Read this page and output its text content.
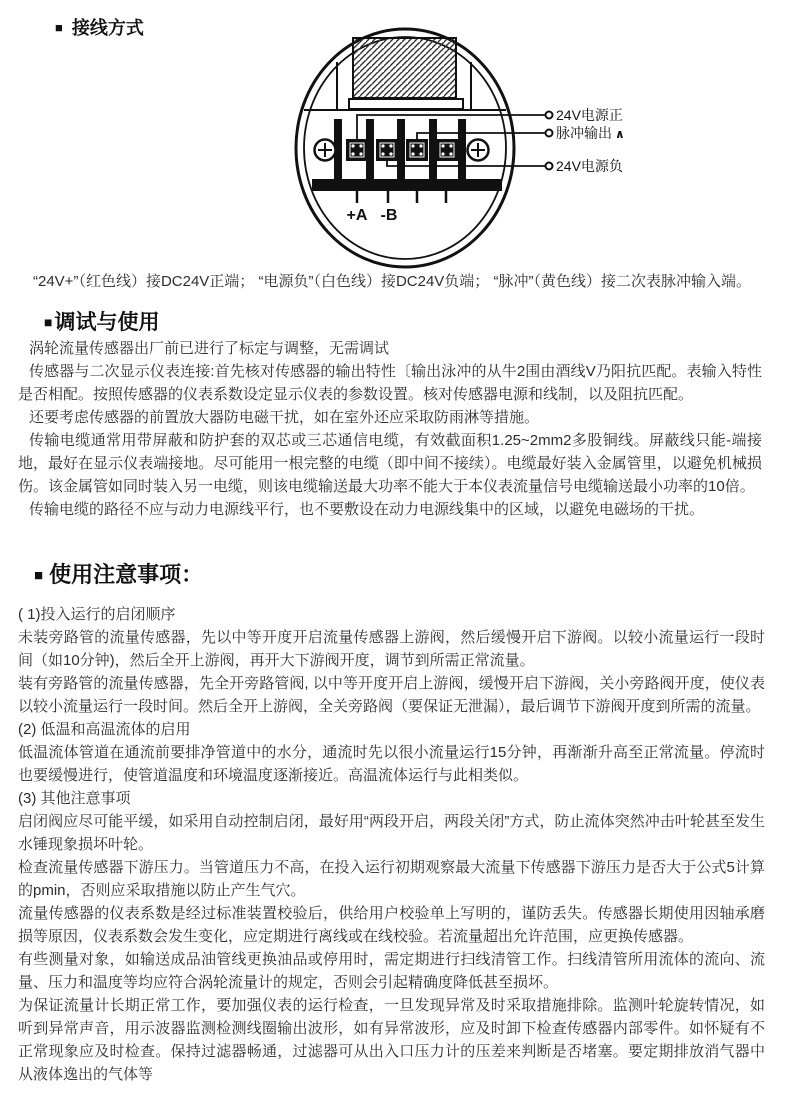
■ 接线方式
+A -B
24V电源正
脉冲输出 ∧
24V电源负
“24V+”（红色线）接DC24V正端； “电源负”（白色线）接DC24V负端； “脉冲”（黄色线）接二次表脉冲输入端。
■调试与使用

涡轮流量传感器出厂前已进行了标定与调整，无需调试

传感器与二次显示仪表连接:首先核对传感器的输出特性〔输出泳冲的从牛2围由酒线V乃阳抗匹配。表输入特性是否相配。按照传感器的仪表系数设定显示仪表的参数设置。核对传感器电源和线制，以及阻抗匹配。

还要考虑传感器的前置放大器防电磁干扰，如在室外还应采取防雨淋等措施。

传输电缆通常用带屏蔽和防护套的双芯或三芯通信电缆，有效截面积1.25~2mm2多股铜线。屏蔽线只能-端接地，最好在显示仪表端接地。尽可能用一根完整的电缆（即中间不接续）。电缆最好装入金属管里，以避免机械损伤。该金属管如同时装入另一电缆，则该电缆输送最大功率不能大于本仪表流量信号电缆输送最小功率的10倍。

传输电缆的路径不应与动力电源线平行，也不要敷设在动力电源线集中的区域，以避免电磁场的干扰。

■ 使用注意事项：

( 1)投入运行的启闭顺序

未装旁路管的流量传感器，先以中等开度开启流量传感器上游阀，然后缓慢开启下游阀。以较小流量运行一段时间（如10分钟)，然后全开上游阀，再开大下游阀开度，调节到所需正常流量。

装有旁路管的流量传感器，先全开旁路管阀, 以中等开度开启上游阀，缓慢开启下游阀，关小旁路阀开度，使仪表以较小流量运行一段时间。然后全开上游阀，全关旁路阀（要保证无泄漏），最后调节下游阀开度到所需的流量。

(2) 低温和高温流体的启用

低温流体管道在通流前要排净管道中的水分，通流时先以很小流量运行15分钟，再渐渐升高至正常流量。停流时也要缓慢进行，使管道温度和环境温度逐渐接近。高温流体运行与此相类似。

(3) 其他注意事项

启闭阀应尽可能平缓，如采用自动控制启闭，最好用“两段开启，两段关闭”方式，防止流体突然冲击叶轮甚至发生水锤现象损坏叶轮。

检查流量传感器下游压力。当管道压力不高，在投入运行初期观察最大流量下传感器下游压力是否大于公式5计算的pmin，否则应采取措施以防止产生气穴。

流量传感器的仪表系数是经过标准装置校验后，供给用户校验单上写明的，谨防丢失。传感器长期使用因轴承磨损等原因，仪表系数会发生变化，应定期进行离线或在线校验。若流量超出允许范围，应更换传感器。

有些测量对象，如输送成品油管线更换油品或停用时，需定期进行扫线清管工作。扫线清管所用流体的流向、流量、压力和温度等均应符合涡轮流量计的规定，否则会引起精确度降低甚至损坏。

为保证流量计长期正常工作，要加强仪表的运行检查，一旦发现异常及时采取措施排除。监测叶轮旋转情况，如听到异常声音，用示波器监测检测线圈输出波形，如有异常波形，应及时卸下检查传感器内部零件。如怀疑有不正常现象应及时检查。保持过滤器畅通，过滤器可从出入口压力计的压差来判断是否堵塞。要定期排放消气器中从液体逸出的气体等
